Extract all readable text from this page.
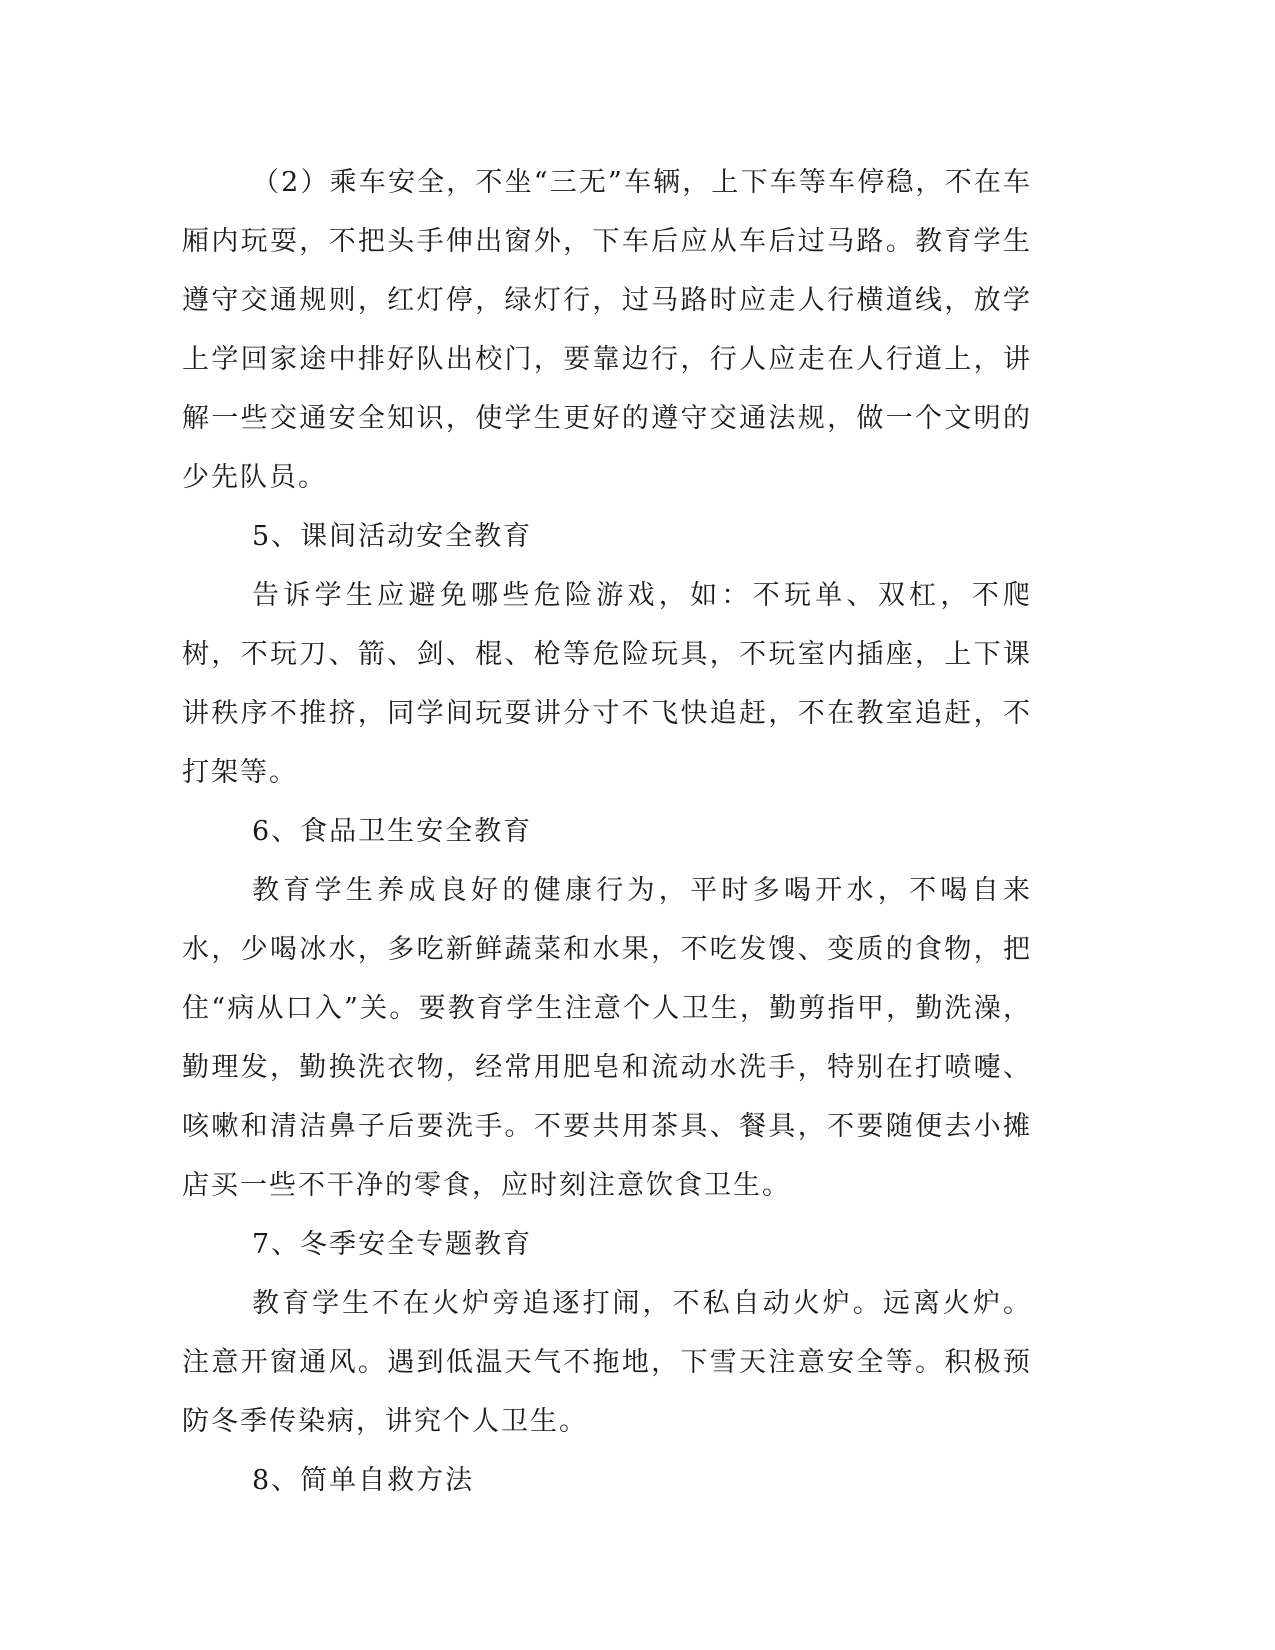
（2）乘车安全，不坐“三无”车辆，上下车等车停稳，不在车厢内玩耍，不把头手伸出窗外，下车后应从车后过马路。教育学生遵守交通规则，红灯停，绿灯行，过马路时应走人行横道线，放学上学回家途中排好队出校门，要靠边行，行人应走在人行道上，讲解一些交通安全知识，使学生更好的遵守交通法规，做一个文明的少先队员。

5、课间活动安全教育

告诉学生应避免哪些危险游戏，如：不玩单、双杠，不爬树，不玩刀、箭、剑、棍、枪等危险玩具，不玩室内插座，上下课讲秩序不推挤，同学间玩耍讲分寸不飞快追赶，不在教室追赶，不打架等。

6、食品卫生安全教育

教育学生养成良好的健康行为，平时多喝开水，不喝自来水，少喝冰水，多吃新鲜蔬菜和水果，不吃发馊、变质的食物，把住“病从口入”关。要教育学生注意个人卫生，勤剪指甲，勤洗澡，勤理发，勤换洗衣物，经常用肥皂和流动水洗手，特别在打喷嚏、咳嗽和清洁鼻子后要洗手。不要共用茶具、餐具，不要随便去小摊店买一些不干净的零食，应时刻注意饮食卫生。

7、冬季安全专题教育

教育学生不在火炉旁追逐打闹，不私自动火炉。远离火炉。注意开窗通风。遇到低温天气不拖地，下雪天注意安全等。积极预防冬季传染病，讲究个人卫生。

8、简单自救方法
